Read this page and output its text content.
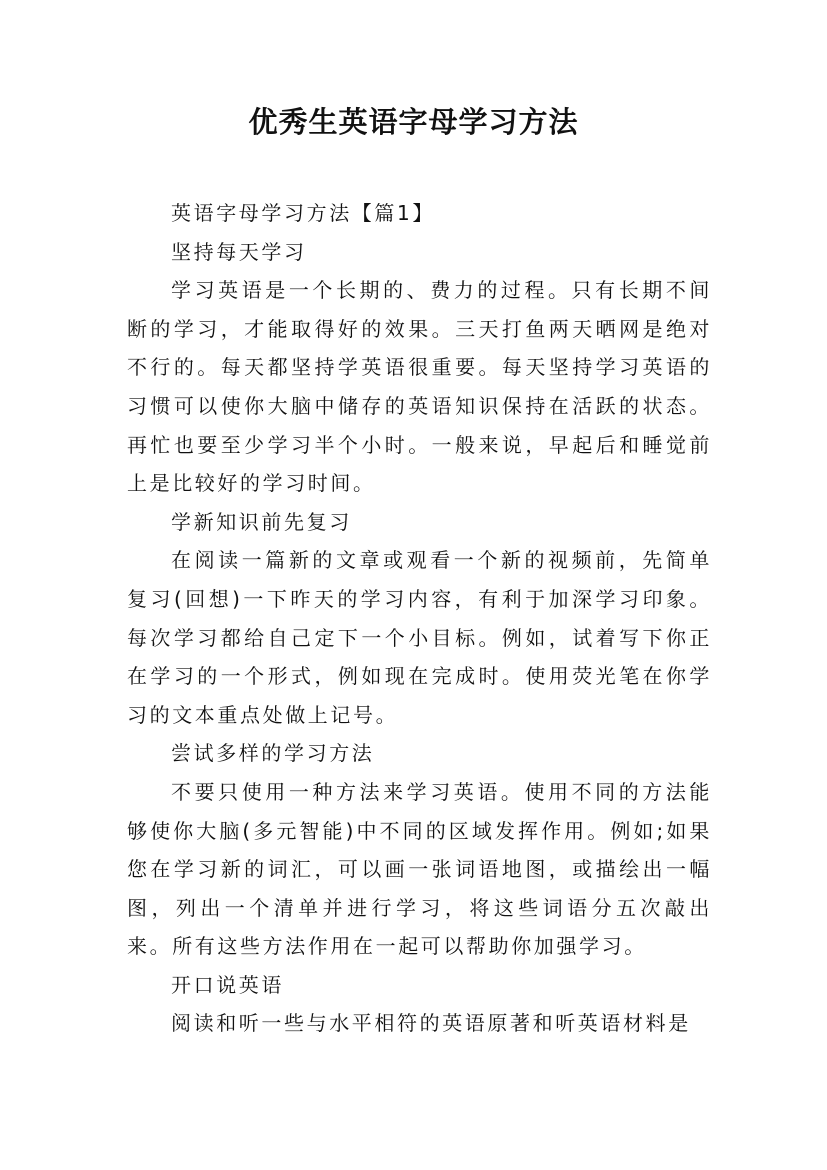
优秀生英语字母学习方法

英语字母学习方法【篇1】

坚持每天学习

学习英语是一个长期的、费力的过程。只有长期不间断的学习，才能取得好的效果。三天打鱼两天晒网是绝对不行的。每天都坚持学英语很重要。每天坚持学习英语的习惯可以使你大脑中储存的英语知识保持在活跃的状态。再忙也要至少学习半个小时。一般来说，早起后和睡觉前上是比较好的学习时间。

学新知识前先复习

在阅读一篇新的文章或观看一个新的视频前，先简单复习(回想)一下昨天的学习内容，有利于加深学习印象。每次学习都给自己定下一个小目标。例如，试着写下你正在学习的一个形式，例如现在完成时。使用荧光笔在你学习的文本重点处做上记号。

尝试多样的学习方法

不要只使用一种方法来学习英语。使用不同的方法能够使你大脑(多元智能)中不同的区域发挥作用。例如;如果您在学习新的词汇，可以画一张词语地图，或描绘出一幅图，列出一个清单并进行学习，将这些词语分五次敲出来。所有这些方法作用在一起可以帮助你加强学习。

开口说英语

阅读和听一些与水平相符的英语原著和听英语材料是
